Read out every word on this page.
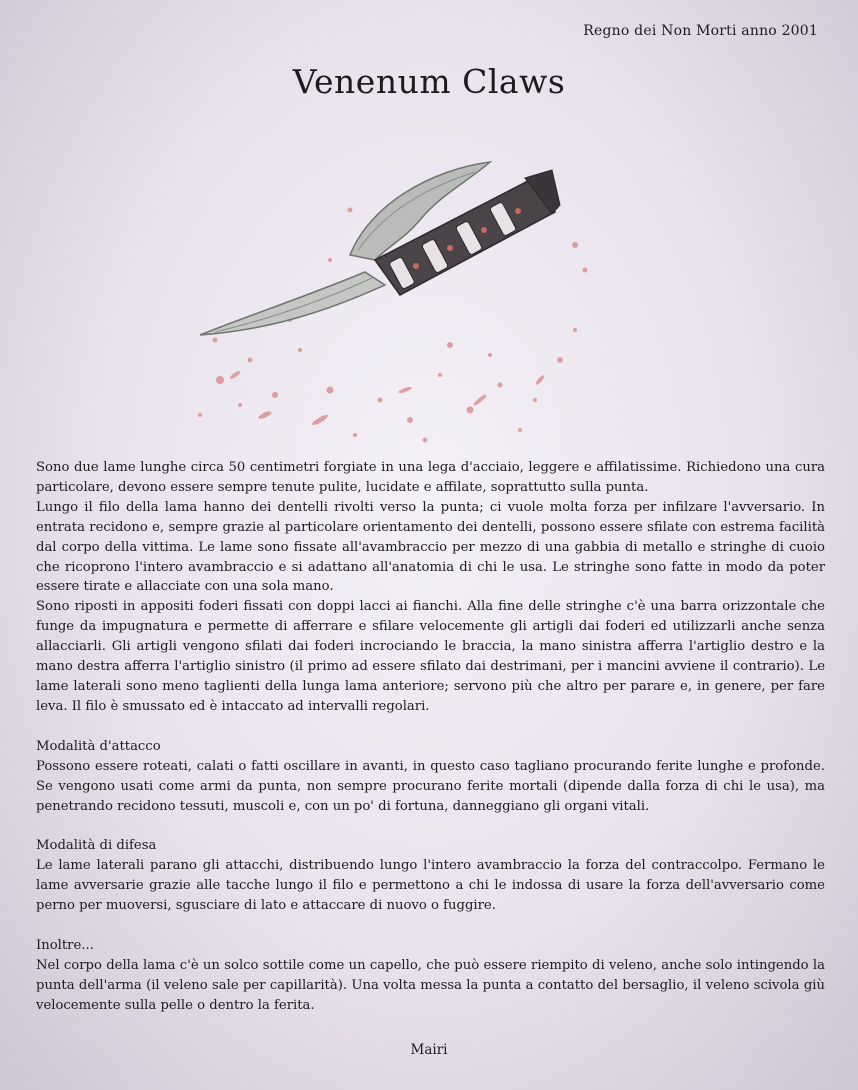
Regno dei Non Morti anno 2001
Venenum Claws

Sono due lame lunghe circa 50 centimetri forgiate in una lega d'acciaio, leggere e affilatissime. Richiedono una cura particolare, devono essere sempre tenute pulite, lucidate e affilate, soprattutto sulla punta.

Lungo il filo della lama hanno dei dentelli rivolti verso la punta; ci vuole molta forza per infilzare l'avversario. In entrata recidono e, sempre grazie al particolare orientamento dei dentelli, possono essere sfilate con estrema facilità dal corpo della vittima. Le lame sono fissate all'avambraccio per mezzo di una gabbia di metallo e stringhe di cuoio che ricoprono l'intero avambraccio e si adattano all'anatomia di chi le usa. Le stringhe sono fatte in modo da poter essere tirate e allacciate con una sola mano.

Sono riposti in appositi foderi fissati con doppi lacci ai fianchi. Alla fine delle stringhe c'è una barra orizzontale che funge da impugnatura e permette di afferrare e sfilare velocemente gli artigli dai foderi ed utilizzarli anche senza allacciarli. Gli artigli vengono sfilati dai foderi incrociando le braccia, la mano sinistra afferra l'artiglio destro e la mano destra afferra l'artiglio sinistro (il primo ad essere sfilato dai destrimani, per i mancini avviene il contrario). Le lame laterali sono meno taglienti della lunga lama anteriore; servono più che altro per parare e, in genere, per fare leva. Il filo è smussato ed è intaccato ad intervalli regolari.

Modalità d'attacco

Possono essere roteati, calati o fatti oscillare in avanti, in questo caso tagliano procurando ferite lunghe e profonde. Se vengono usati come armi da punta, non sempre procurano ferite mortali (dipende dalla forza di chi le usa), ma penetrando recidono tessuti, muscoli e, con un po' di fortuna, danneggiano gli organi vitali.

Modalità di difesa

Le lame laterali parano gli attacchi, distribuendo lungo l'intero avambraccio la forza del contraccolpo. Fermano le lame avversarie grazie alle tacche lungo il filo e permettono a chi le indossa di usare la forza dell'avversario come perno per muoversi, sgusciare di lato e attaccare di nuovo o fuggire.

Inoltre...

Nel corpo della lama c'è un solco sottile come un capello, che può essere riempito di veleno, anche solo intingendo la punta dell'arma (il veleno sale per capillarità). Una volta messa la punta a contatto del bersaglio, il veleno scivola giù velocemente sulla pelle o dentro la ferita.

Mairi
